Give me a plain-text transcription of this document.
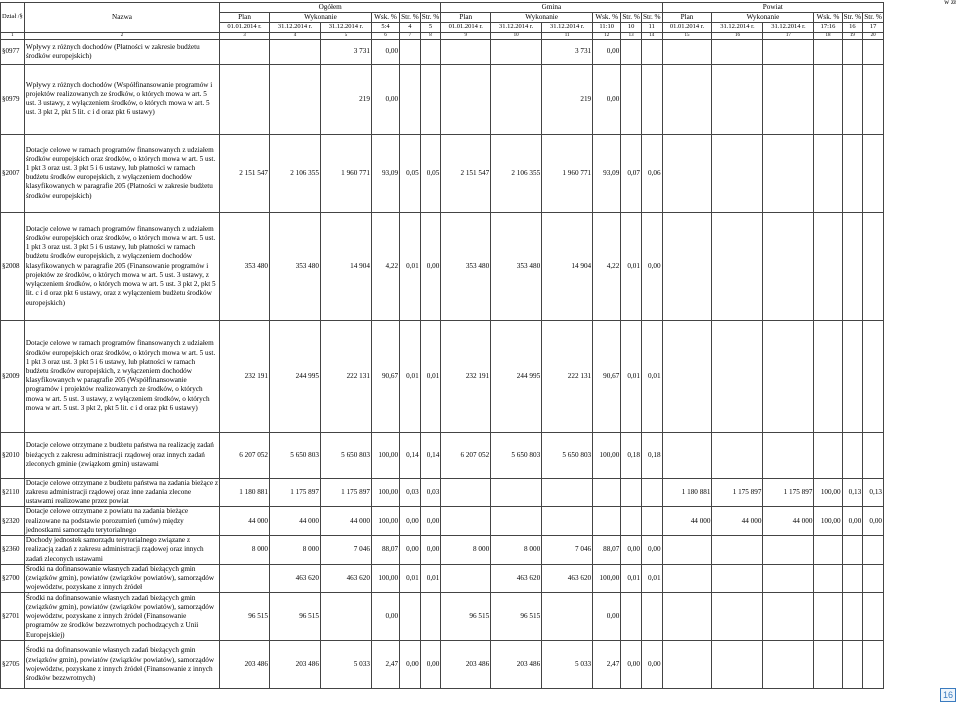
w zł
Dział /§	Nazwa	Ogółem						Gmina						Powiat					
		Plan	Wykonanie		Wsk. %	Str. %	Str. %	Plan	Wykonanie		Wsk. %	Str. %	Str. %	Plan	Wykonanie		Wsk. %	Str. %	Str. %
		01.01.2014 r.	31.12.2014 r.	31.12.2014 r.	5:4	4	5	01.01.2014 r.	31.12.2014 r.	31.12.2014 r.	11:10	10	11	01.01.2014 r.	31.12.2014 r.	31.12.2014 r.	17:16	16	17
1	2	3	4	5	6	7	8	9	10	11	12	13	14	15	16	17	18	19	20
§0977	Wpływy z różnych dochodów (Płatności w zakresie budżetu środków europejskich)			3 731	0,00					3 731	0,00								
§0979	Wpływy z różnych dochodów (Współfinansowanie programów i projektów realizowanych ze środków, o których mowa w art. 5 ust. 3 ustawy, z wyłączeniem środków, o których mowa w art. 5 ust. 3 pkt 2, pkt 5 lit. c i d oraz pkt 6 ustawy)			219	0,00					219	0,00								
§2007	Dotacje celowe w ramach programów finansowanych z udziałem środków europejskich oraz środków, o których mowa w art. 5 ust. 1 pkt 3 oraz ust. 3 pkt 5 i 6 ustawy, lub płatności w ramach budżetu środków europejskich, z wyłączeniem dochodów klasyfikowanych w paragrafie 205 (Płatności w zakresie budżetu środków europejskich)	2 151 547	2 106 355	1 960 771	93,09	0,05	0,05	2 151 547	2 106 355	1 960 771	93,09	0,07	0,06						
§2008	Dotacje celowe w ramach programów finansowanych z udziałem środków europejskich oraz środków, o których mowa w art. 5 ust. 1 pkt 3 oraz ust. 3 pkt 5 i 6 ustawy, lub płatności w ramach budżetu środków europejskich, z wyłączeniem dochodów klasyfikowanych w paragrafie 205 (Finansowanie programów i projektów ze środków, o których mowa w art. 5 ust. 3 ustawy, z wyłączeniem środków, o których mowa w art. 5 ust. 3 pkt 2, pkt 5 lit. c i d oraz pkt 6 ustawy, oraz z wyłączeniem budżetu środków europejskich)	353 480	353 480	14 904	4,22	0,01	0,00	353 480	353 480	14 904	4,22	0,01	0,00						
§2009	Dotacje celowe w ramach programów finansowanych z udziałem środków europejskich oraz środków, o których mowa w art. 5 ust. 1 pkt 3 oraz ust. 3 pkt 5 i 6 ustawy, lub płatności w ramach budżetu środków europejskich, z wyłączeniem dochodów klasyfikowanych w paragrafie 205 (Współfinansowanie programów i projektów realizowanych ze środków, o których mowa w art. 5 ust. 3 ustawy, z wyłączeniem środków, o których mowa w art. 5 ust. 3 pkt 2, pkt 5 lit. c i d oraz pkt 6 ustawy)	232 191	244 995	222 131	90,67	0,01	0,01	232 191	244 995	222 131	90,67	0,01	0,01						
§2010	Dotacje celowe otrzymane z budżetu państwa na realizację zadań bieżących z zakresu administracji rządowej oraz innych zadań zleconych gminie (związkom gmin) ustawami	6 207 052	5 650 803	5 650 803	100,00	0,14	0,14	6 207 052	5 650 803	5 650 803	100,00	0,18	0,18						
§2110	Dotacje celowe otrzymane z budżetu państwa na zadania bieżące z zakresu administracji rządowej oraz inne zadania zlecone ustawami realizowane przez powiat	1 180 881	1 175 897	1 175 897	100,00	0,03	0,03							1 180 881	1 175 897	1 175 897	100,00	0,13	0,13
§2320	Dotacje celowe otrzymane z powiatu na zadania bieżące realizowane na podstawie porozumień (umów) między jednostkami samorządu terytorialnego	44 000	44 000	44 000	100,00	0,00	0,00							44 000	44 000	44 000	100,00	0,00	0,00
§2360	Dochody jednostek samorządu terytorialnego związane z realizacją zadań z zakresu administracji rządowej oraz innych zadań zleconych ustawami	8 000	8 000	7 046	88,07	0,00	0,00	8 000	8 000	7 046	88,07	0,00	0,00						
§2700	Środki na dofinansowanie własnych zadań bieżących gmin (związków gmin), powiatów (związków powiatów), samorządów województw, pozyskane z innych źródeł		463 620	463 620	100,00	0,01	0,01		463 620	463 620	100,00	0,01	0,01						
§2701	Środki na dofinansowanie własnych zadań bieżących gmin (związków gmin), powiatów (związków powiatów), samorządów województw, pozyskane z innych źródeł (Finansowanie programów ze środków bezzwrotnych pochodzących z Unii Europejskiej)	96 515	96 515		0,00			96 515	96 515		0,00								
§2705	Środki na dofinansowanie własnych zadań bieżących gmin (związków gmin), powiatów (związków powiatów), samorządów województw, pozyskane z innych źródeł (Finansowanie z innych środków bezzwrotnych)	203 486	203 486	5 033	2,47	0,00	0,00	203 486	203 486	5 033	2,47	0,00	0,00						
16
